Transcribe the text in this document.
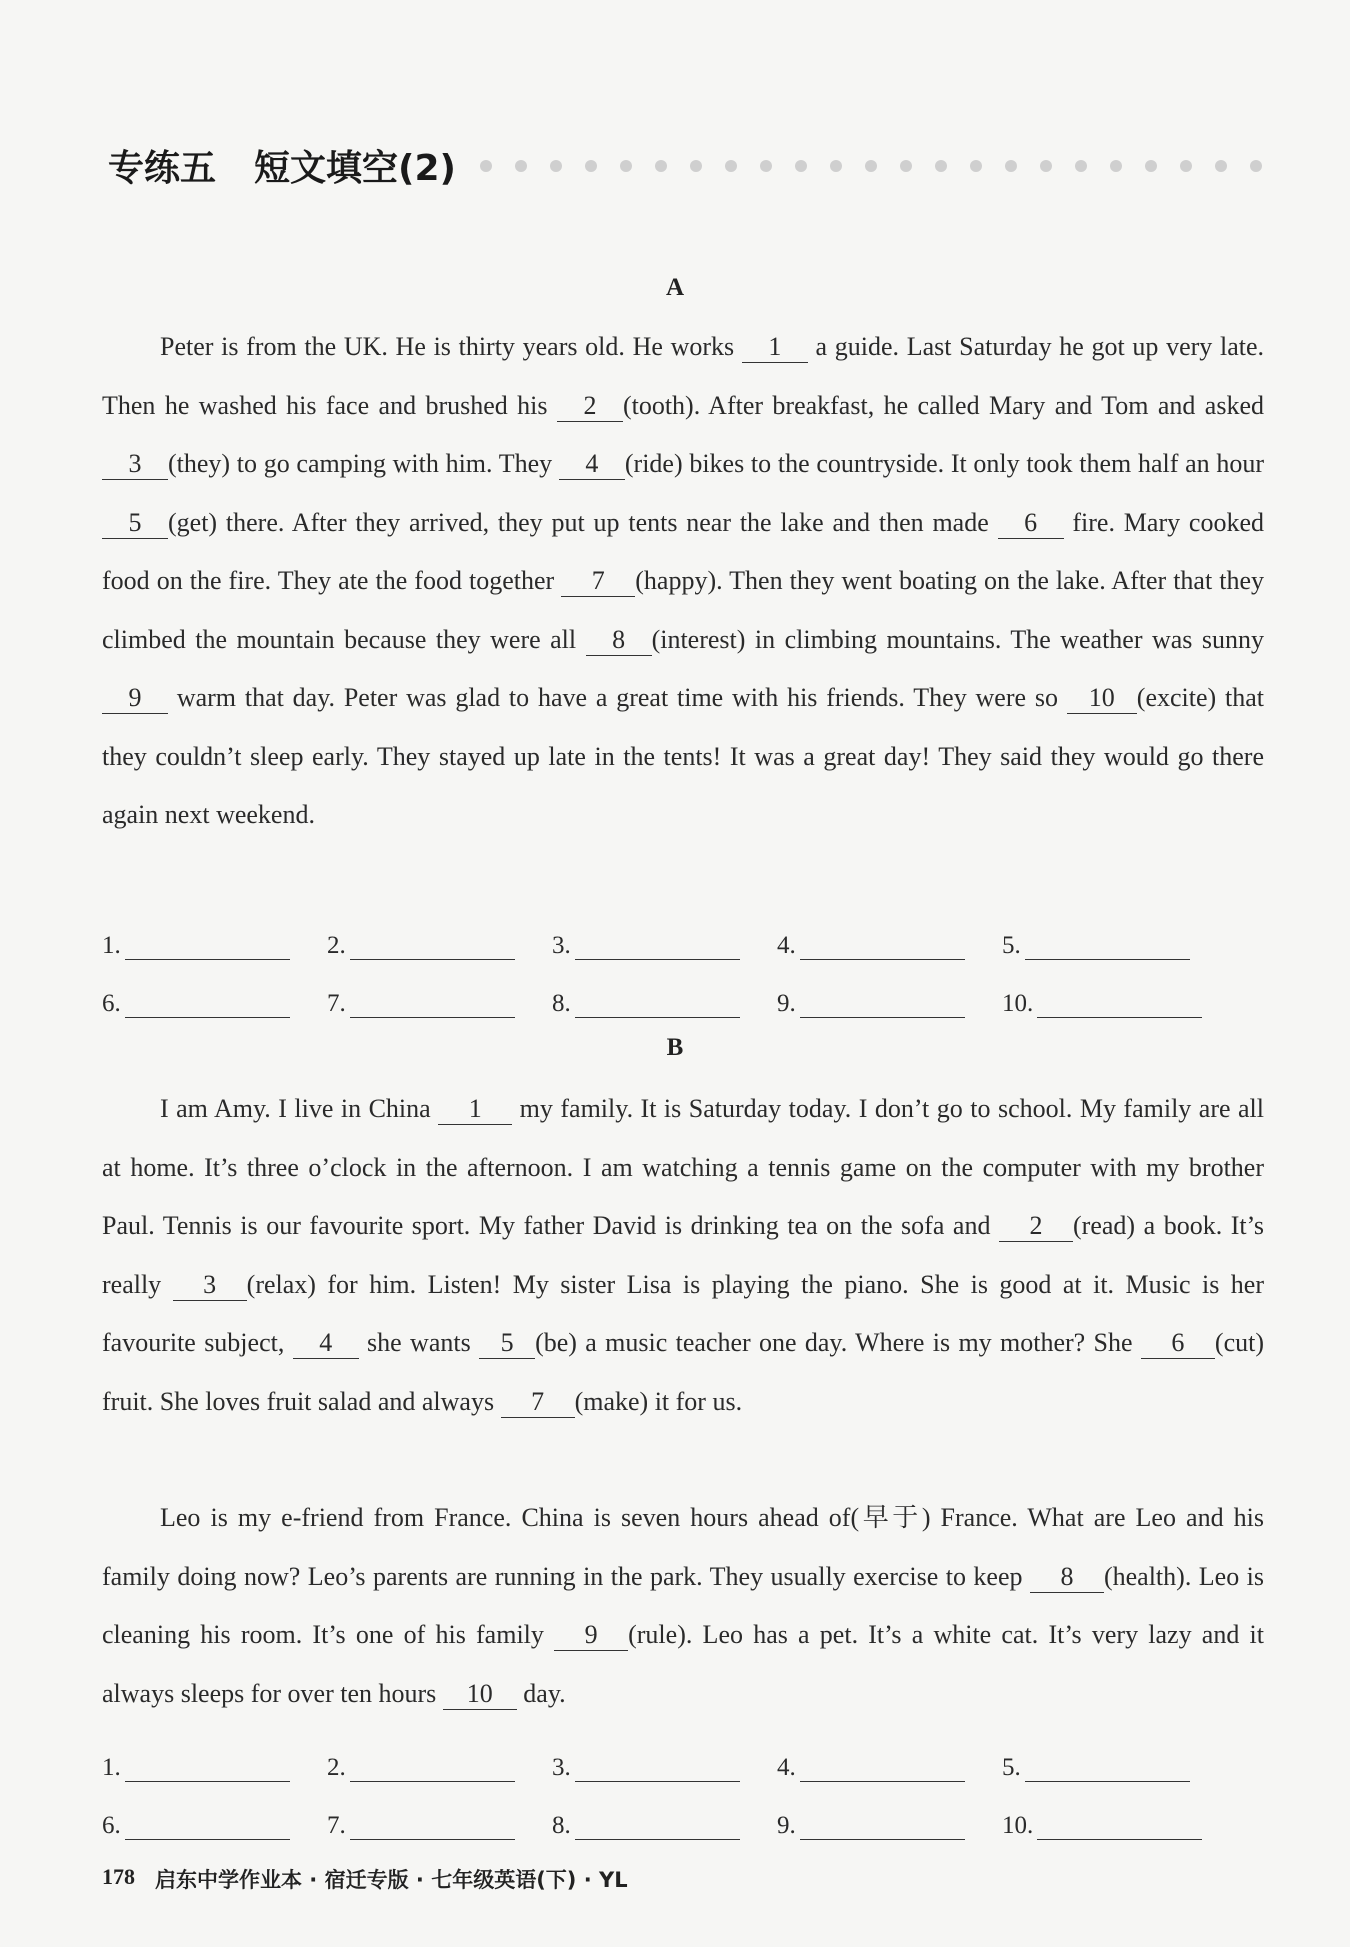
专练五 短文填空(2)
A
Peter is from the UK. He is thirty years old. He works 1 a guide. Last Saturday he got up very late. Then he washed his face and brushed his 2 (tooth). After breakfast, he called Mary and Tom and asked 3 (they) to go camping with him. They 4 (ride) bikes to the countryside. It only took them half an hour 5 (get) there. After they arrived, they put up tents near the lake and then made 6 fire. Mary cooked food on the fire. They ate the food together 7 (happy). Then they went boating on the lake. After that they climbed the mountain because they were all 8 (interest) in climbing mountains. The weather was sunny 9 warm that day. Peter was glad to have a great time with his friends. They were so 10 (excite) that they couldn’t sleep early. They stayed up late in the tents! It was a great day! They said they would go there again next weekend.
1.	2.	3.	4.	5.
6.	7.	8.	9.	10.
B
I am Amy. I live in China 1 my family. It is Saturday today. I don’t go to school. My family are all at home. It’s three o’clock in the afternoon. I am watching a tennis game on the computer with my brother Paul. Tennis is our favourite sport. My father David is drinking tea on the sofa and 2 (read) a book. It’s really 3 (relax) for him. Listen! My sister Lisa is playing the piano. She is good at it. Music is her favourite subject, 4 she wants 5 (be) a music teacher one day. Where is my mother? She 6 (cut) fruit. She loves fruit salad and always 7 (make) it for us.
Leo is my e-friend from France. China is seven hours ahead of(早于) France. What are Leo and his family doing now? Leo’s parents are running in the park. They usually exercise to keep 8 (health). Leo is cleaning his room. It’s one of his family 9 (rule). Leo has a pet. It’s a white cat. It’s very lazy and it always sleeps for over ten hours 10 day.
1.	2.	3.	4.	5.
6.	7.	8.	9.	10.
178 启东中学作业本 · 宿迁专版 · 七年级英语(下) · YL
